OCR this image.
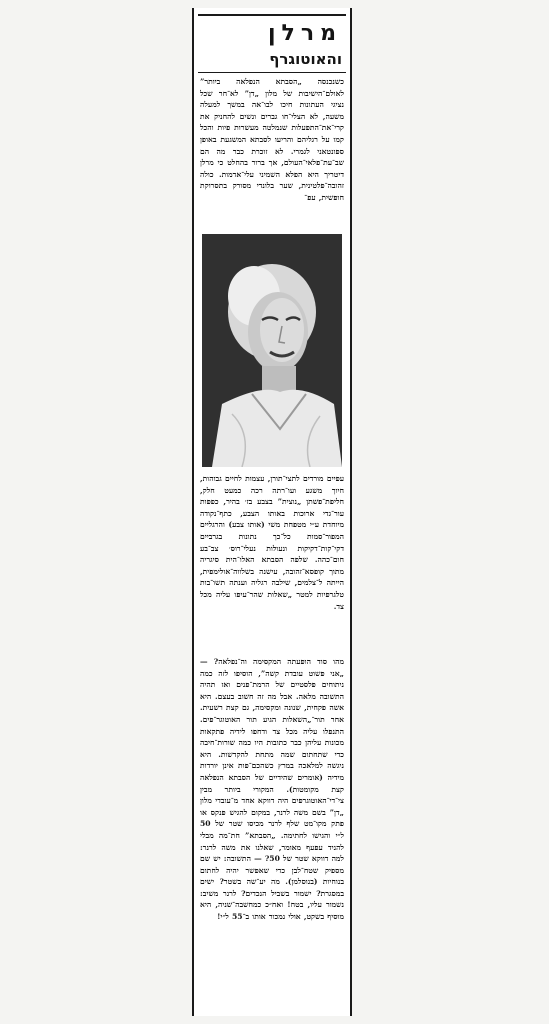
מרלן
והאוטוגרף

כשנכנסה „הסבתא הנפלאה ביותר” לאולם־הישיבות של מלון „דן” לא־חר שכל נציגי העתונות חיכו לבו־אה במשך למעלה משעה, לא הצלי־חו גברים ונשים להחניק את קרי־את־התפעלות שנמלטה מעשרות פיות והכל קמו על רגליהם והריעו לסבתא המשגעת באופן ספונטאני לגמרי. לא זוכרת כבר מה הם שב־עת־פלאי־העולם, אך ברור בהחלט כי מרלן דיטריך היא הפלא השמיני עלי־אדמות. כולה זהובה־פלטינית, שער בלונדי מסורק בתסרוקת חופשית, עפ־

עפיים מורדים לתצי־תורן, עצמות לחיים גבוהות, חיוך משגע ועו־רתה רכה כמעט חלק, חליפת־פשתן „נוצית” בצבע בז׳ בהיר, כפפות עור־גדי ארוכות באותו הצבע, כתף־נקודה מיוחדת ע״י מטפחת משי (אותו צבע) והרגליים המפור־סמות כל־כך נתונות בגרביים דקי־קות־דקיקות ונעולות נעלי־רוס׳ צב־בע חום־כהה. שלפה הסבתא האלו־הית סיגריה מתוך קופסא־זהובה, עישנה בשלווה־אולימפית, הייתה ל־צלמים, שילבה רגליה וענתה תשו־בות טלגרפיות למטר „שאלות שהר־עיפו עליה מכל צד.

מהו סוד הופעתה המקסימה וה־נפלאה? — „אני פשוט עובדת קשה”, הוסיפו לזה כמה ניתוחים פלסטיים של הרמת־פנים ואז תהיה התשובה מלאה. אבל מה זה חשוב בעצם. היא אשה פקחית, שנונה ומקסימה, גם קצת רשעית. אחר תור־„השאלות הגיע תור האוטוגר־פים. התנפלו עליה מכל צד ודחפו לידיה פתקאות מכונות עליהן כבר כתובות היו כמה שורות־חיבה כדי שתחתום שמה מתחת להקדשות. היא ניגשה למלאכה במרץ כשהכם־פות אינן יורדות מידיה (אומרים שהידיים של הסבתא הנפלאה קצת מקומטות). המקורי ביותר מבין צי־די־האוטוגרפים היה דווקא אחד מ־עובדי מלון „דן” בשם משה לרנר, במקום להגיש פנקס או פתק מקו־מט שלף לרנר מכיסו שטר של 50 ל״י והגישו לחתימה. „הסבתא” חת־מה מבלי להניד עפעף מאומר, שאלנו את משה לרנר: למה דווקא שטר של 50? — התשובה: יש שם מספיק שטח־לבן כדי שאפשר יהיה לחתום בנוחיות (בנוסלמן). מה יע־שה בשטר? ישים במסגרת? ישמור בשביל הנכדים? לרנר משיב: נשמור עליו, בטח! ואח״כ כמחשבה־שניה, היא מוסיף בשקט, אולי נמכור אותו ב־55 ל״י!
